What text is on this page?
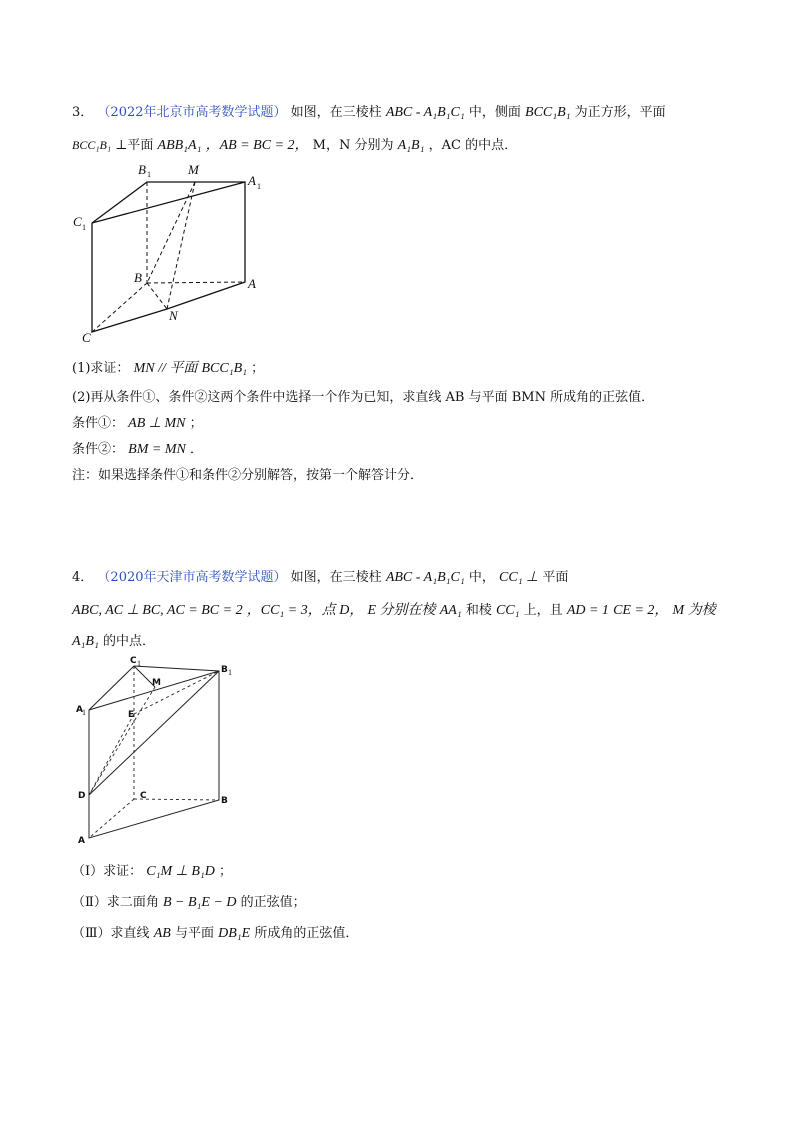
3． （2022年北京市高考数学试题） 如图，在三棱柱 ABC - A₁B₁C₁ 中，侧面 BCC₁B₁ 为正方形，平面
BCC₁B₁ ⊥平面 ABB₁A₁ ，AB = BC = 2， M，N 分别为 A₁B₁ ，AC 的中点．
B 1	M
A 1
C 1
B	A
N
C
(1)求证： MN // 平面 BCC₁B₁ ；
(2)再从条件①、条件②这两个条件中选择一个作为已知，求直线 AB 与平面 BMN 所成角的正弦值．
条件①： AB ⊥ MN ；
条件②： BM = MN ．
注：如果选择条件①和条件②分别解答，按第一个解答计分．
4． （2020年天津市高考数学试题） 如图，在三棱柱 ABC - A₁B₁C₁ 中， CC₁ ⊥ 平面
ABC, AC ⊥ BC, AC = BC = 2 ，CC₁ = 3，点 D， E 分别在棱 AA₁ 和棱 CC₁ 上，且 AD = 1 CE = 2， M 为棱
A₁B₁ 的中点．
C 1
B 1
M
A 1	E
D	C	B
A
（Ⅰ）求证： C₁M ⊥ B₁D ；
（Ⅱ）求二面角 B − B₁E − D 的正弦值；
（Ⅲ）求直线 AB 与平面 DB₁E 所成角的正弦值．
